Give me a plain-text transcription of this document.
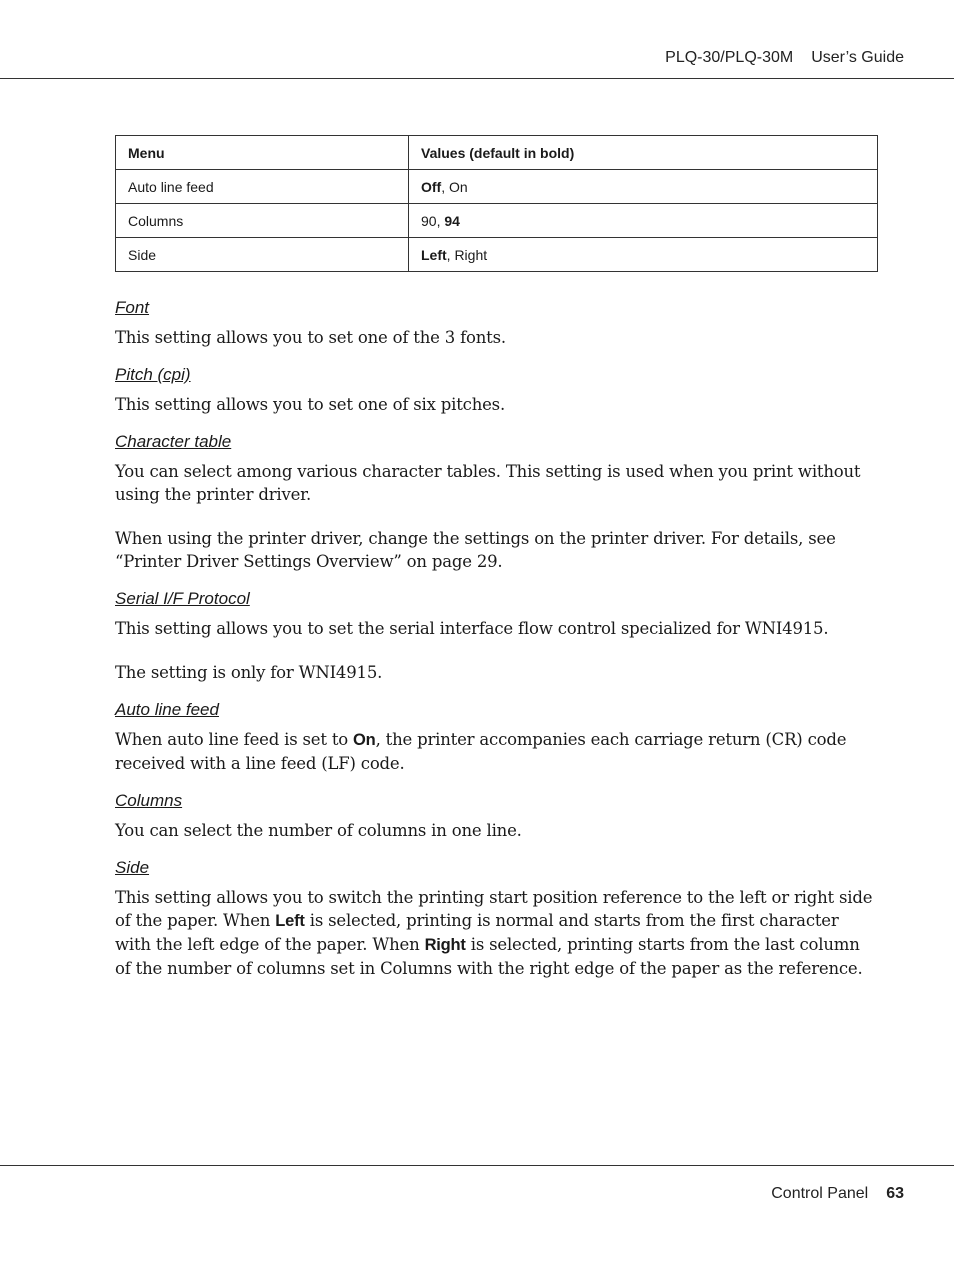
PLQ-30/PLQ-30M User’s Guide
Menu	Values (default in bold)
Auto line feed	Off, On
Columns	90, 94
Side	Left, Right

Font

This setting allows you to set one of the 3 fonts.

Pitch (cpi)

This setting allows you to set one of six pitches.

Character table

You can select among various character tables. This setting is used when you print without using the printer driver.

When using the printer driver, change the settings on the printer driver. For details, see “Printer Driver Settings Overview” on page 29.

Serial I/F Protocol

This setting allows you to set the serial interface flow control specialized for WNI4915.

The setting is only for WNI4915.

Auto line feed

When auto line feed is set to On, the printer accompanies each carriage return (CR) code received with a line feed (LF) code.

Columns

You can select the number of columns in one line.

Side

This setting allows you to switch the printing start position reference to the left or right side of the paper. When Left is selected, printing is normal and starts from the first character with the left edge of the paper. When Right is selected, printing starts from the last column of the number of columns set in Columns with the right edge of the paper as the reference.

Control Panel 63
